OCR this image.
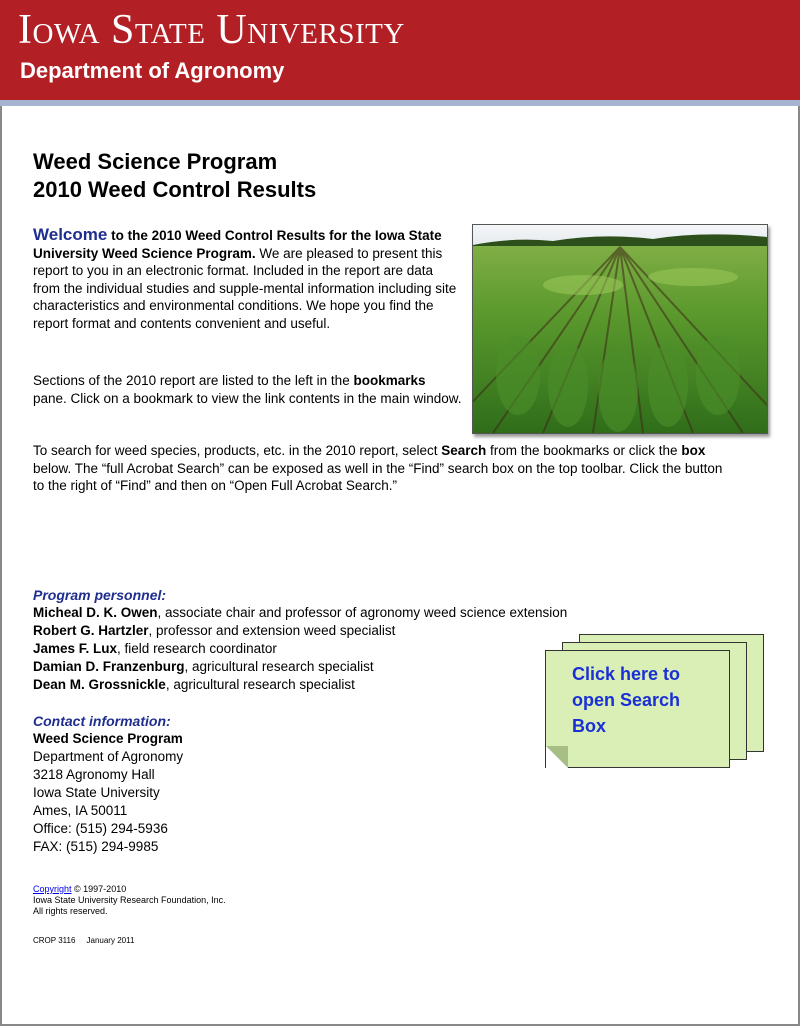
Iowa State University
Department of Agronomy
Weed Science Program
2010 Weed Control Results
Welcome to the 2010 Weed Control Results for the Iowa State University Weed Science Program. We are pleased to present this report to you in an electronic format. Included in the report are data from the individual studies and supple-mental information including site characteristics and environmental conditions. We hope you find the report format and contents convenient and useful.
Sections of the 2010 report are listed to the left in the bookmarks pane. Click on a bookmark to view the link contents in the main window.
To search for weed species, products, etc. in the 2010 report, select Search from the bookmarks or click the box below. The “full Acrobat Search” can be exposed as well in the “Find” search box on the top toolbar. Click the button to the right of “Find” and then on “Open Full Acrobat Search.”
Program personnel:
Micheal D. K. Owen, associate chair and professor of agronomy weed science extension
Robert G. Hartzler, professor and extension weed specialist
James F. Lux, field research coordinator
Damian D. Franzenburg, agricultural research specialist
Dean M. Grossnickle, agricultural research specialist
Contact information:
Weed Science Program
Department of Agronomy
3218 Agronomy Hall
Iowa State University
Ames, IA 50011
Office: (515) 294-5936
FAX: (515) 294-9985
Copyright © 1997-2010
Iowa State University Research Foundation, Inc.
All rights reserved.
CROP 3116     January 2011
Click here to
open Search
Box
